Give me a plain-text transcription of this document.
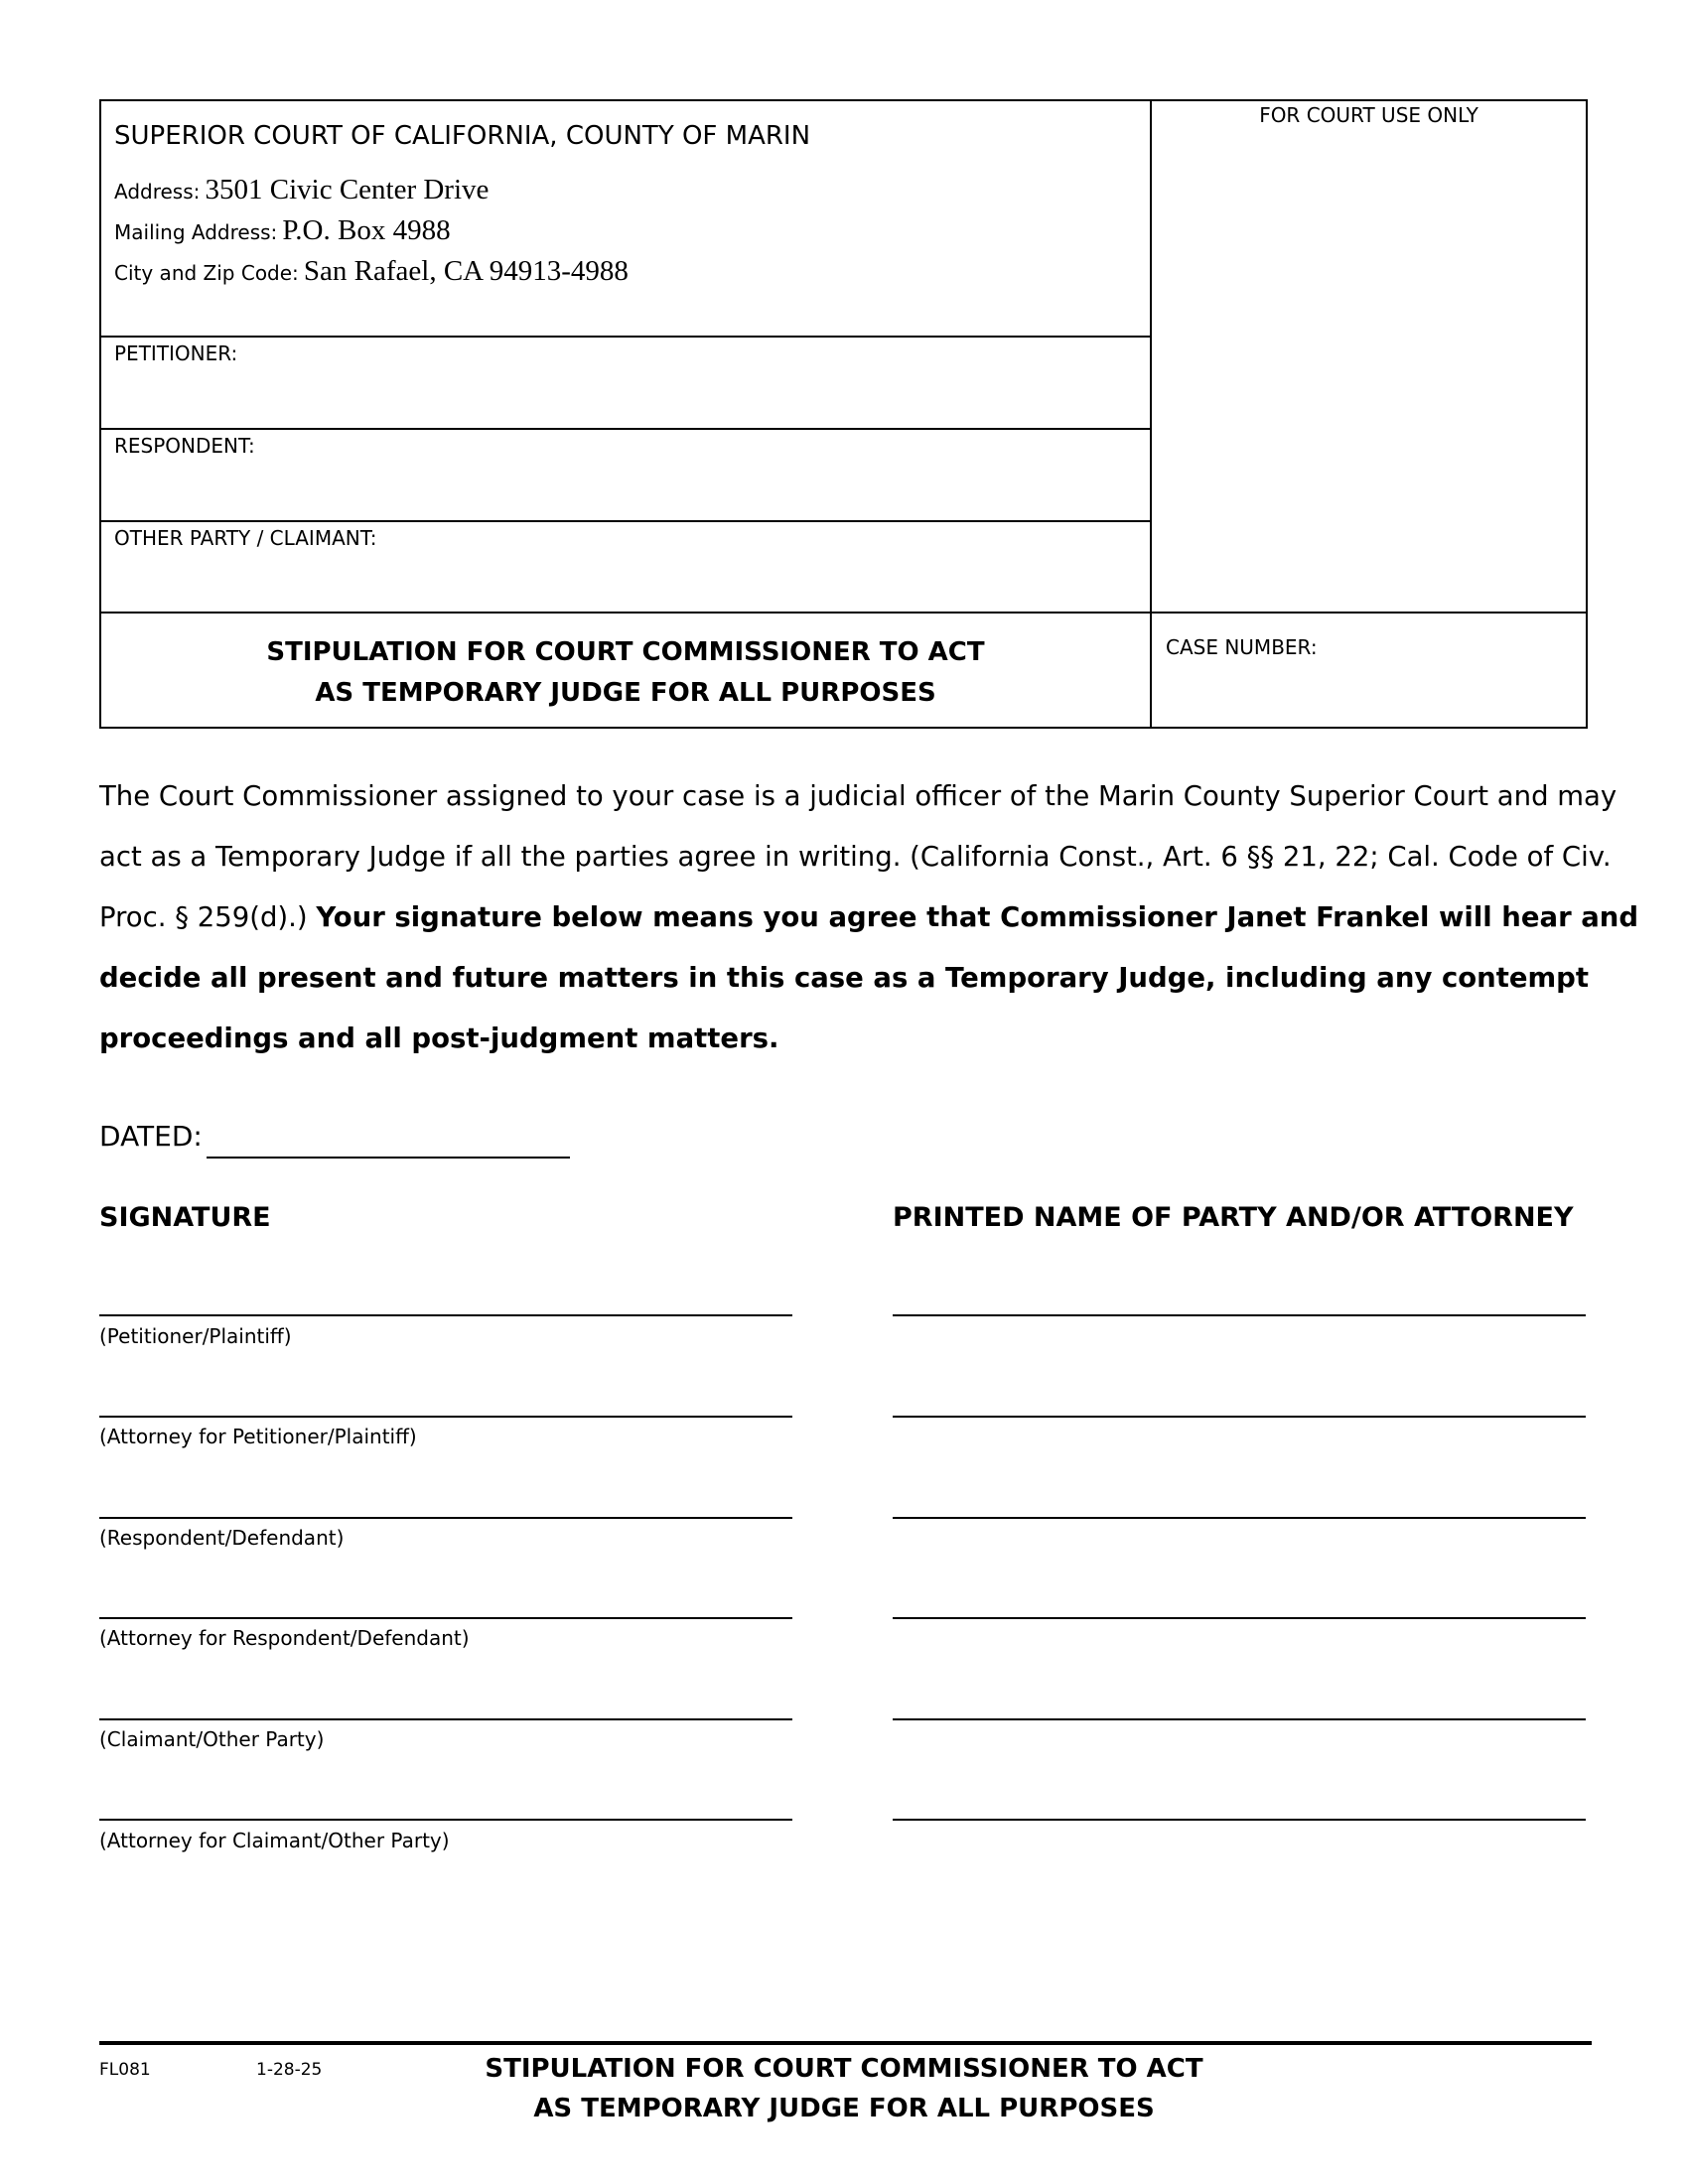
SUPERIOR COURT OF CALIFORNIA, COUNTY OF MARIN
Address: 3501 Civic Center Drive
Mailing Address: P.O. Box 4988
City and Zip Code: San Rafael, CA 94913-4988
FOR COURT USE ONLY
PETITIONER:
RESPONDENT:
OTHER PARTY / CLAIMANT:
STIPULATION FOR COURT COMMISSIONER TO ACT
AS TEMPORARY JUDGE FOR ALL PURPOSES
CASE NUMBER:
The Court Commissioner assigned to your case is a judicial officer of the Marin County Superior Court and may
act as a Temporary Judge if all the parties agree in writing. (California Const., Art. 6 §§ 21, 22; Cal. Code of Civ.
Proc. § 259(d).) Your signature below means you agree that Commissioner Janet Frankel will hear and
decide all present and future matters in this case as a Temporary Judge, including any contempt
proceedings and all post-judgment matters.
DATED:
SIGNATURE	PRINTED NAME OF PARTY AND/OR ATTORNEY
(Petitioner/Plaintiff)
(Attorney for Petitioner/Plaintiff)
(Respondent/Defendant)
(Attorney for Respondent/Defendant)
(Claimant/Other Party)
(Attorney for Claimant/Other Party)
FL081	1-28-25	STIPULATION FOR COURT COMMISSIONER TO ACT
AS TEMPORARY JUDGE FOR ALL PURPOSES
